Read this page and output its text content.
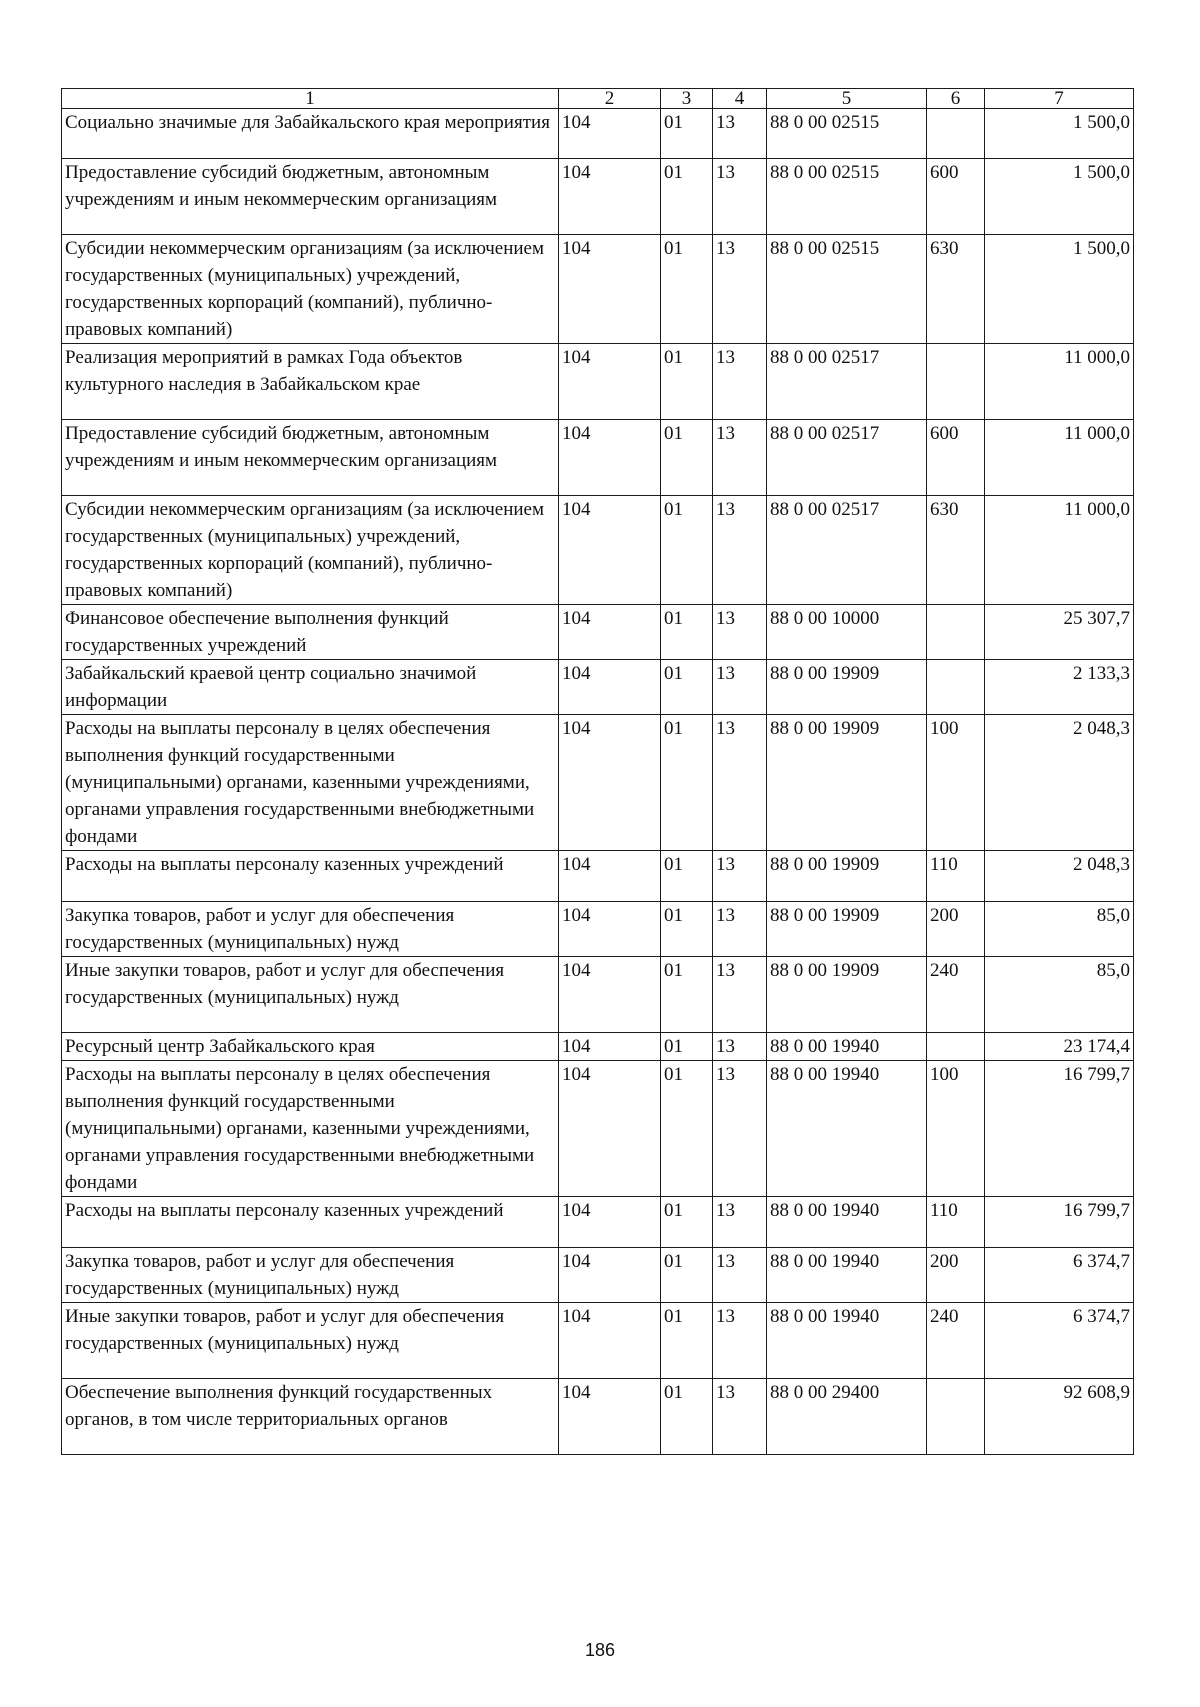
1	2	3	4	5	6	7
Социально значимые для Забайкальского края мероприятия	104	01	13	88 0 00 02515		1 500,0
Предоставление субсидий бюджетным, автономным учреждениям и иным некоммерческим организациям	104	01	13	88 0 00 02515	600	1 500,0
Субсидии некоммерческим организациям (за исключением государственных (муниципальных) учреждений, государственных корпораций (компаний), публично-правовых компаний)	104	01	13	88 0 00 02515	630	1 500,0
Реализация мероприятий в рамках Года объектов культурного наследия в Забайкальском крае	104	01	13	88 0 00 02517		11 000,0
Предоставление субсидий бюджетным, автономным учреждениям и иным некоммерческим организациям	104	01	13	88 0 00 02517	600	11 000,0
Субсидии некоммерческим организациям (за исключением государственных (муниципальных) учреждений, государственных корпораций (компаний), публично-правовых компаний)	104	01	13	88 0 00 02517	630	11 000,0
Финансовое обеспечение выполнения функций государственных учреждений	104	01	13	88 0 00 10000		25 307,7
Забайкальский краевой центр социально значимой информации	104	01	13	88 0 00 19909		2 133,3
Расходы на выплаты персоналу в целях обеспечения выполнения функций государственными (муниципальными) органами, казенными учреждениями, органами управления государственными внебюджетными фондами	104	01	13	88 0 00 19909	100	2 048,3
Расходы на выплаты персоналу казенных учреждений	104	01	13	88 0 00 19909	110	2 048,3
Закупка товаров, работ и услуг для обеспечения государственных (муниципальных) нужд	104	01	13	88 0 00 19909	200	85,0
Иные закупки товаров, работ и услуг для обеспечения государственных (муниципальных) нужд	104	01	13	88 0 00 19909	240	85,0
Ресурсный центр Забайкальского края	104	01	13	88 0 00 19940		23 174,4
Расходы на выплаты персоналу в целях обеспечения выполнения функций государственными (муниципальными) органами, казенными учреждениями, органами управления государственными внебюджетными фондами	104	01	13	88 0 00 19940	100	16 799,7
Расходы на выплаты персоналу казенных учреждений	104	01	13	88 0 00 19940	110	16 799,7
Закупка товаров, работ и услуг для обеспечения государственных (муниципальных) нужд	104	01	13	88 0 00 19940	200	6 374,7
Иные закупки товаров, работ и услуг для обеспечения государственных (муниципальных) нужд	104	01	13	88 0 00 19940	240	6 374,7
Обеспечение выполнения функций государственных органов, в том числе территориальных органов	104	01	13	88 0 00 29400		92 608,9
186
